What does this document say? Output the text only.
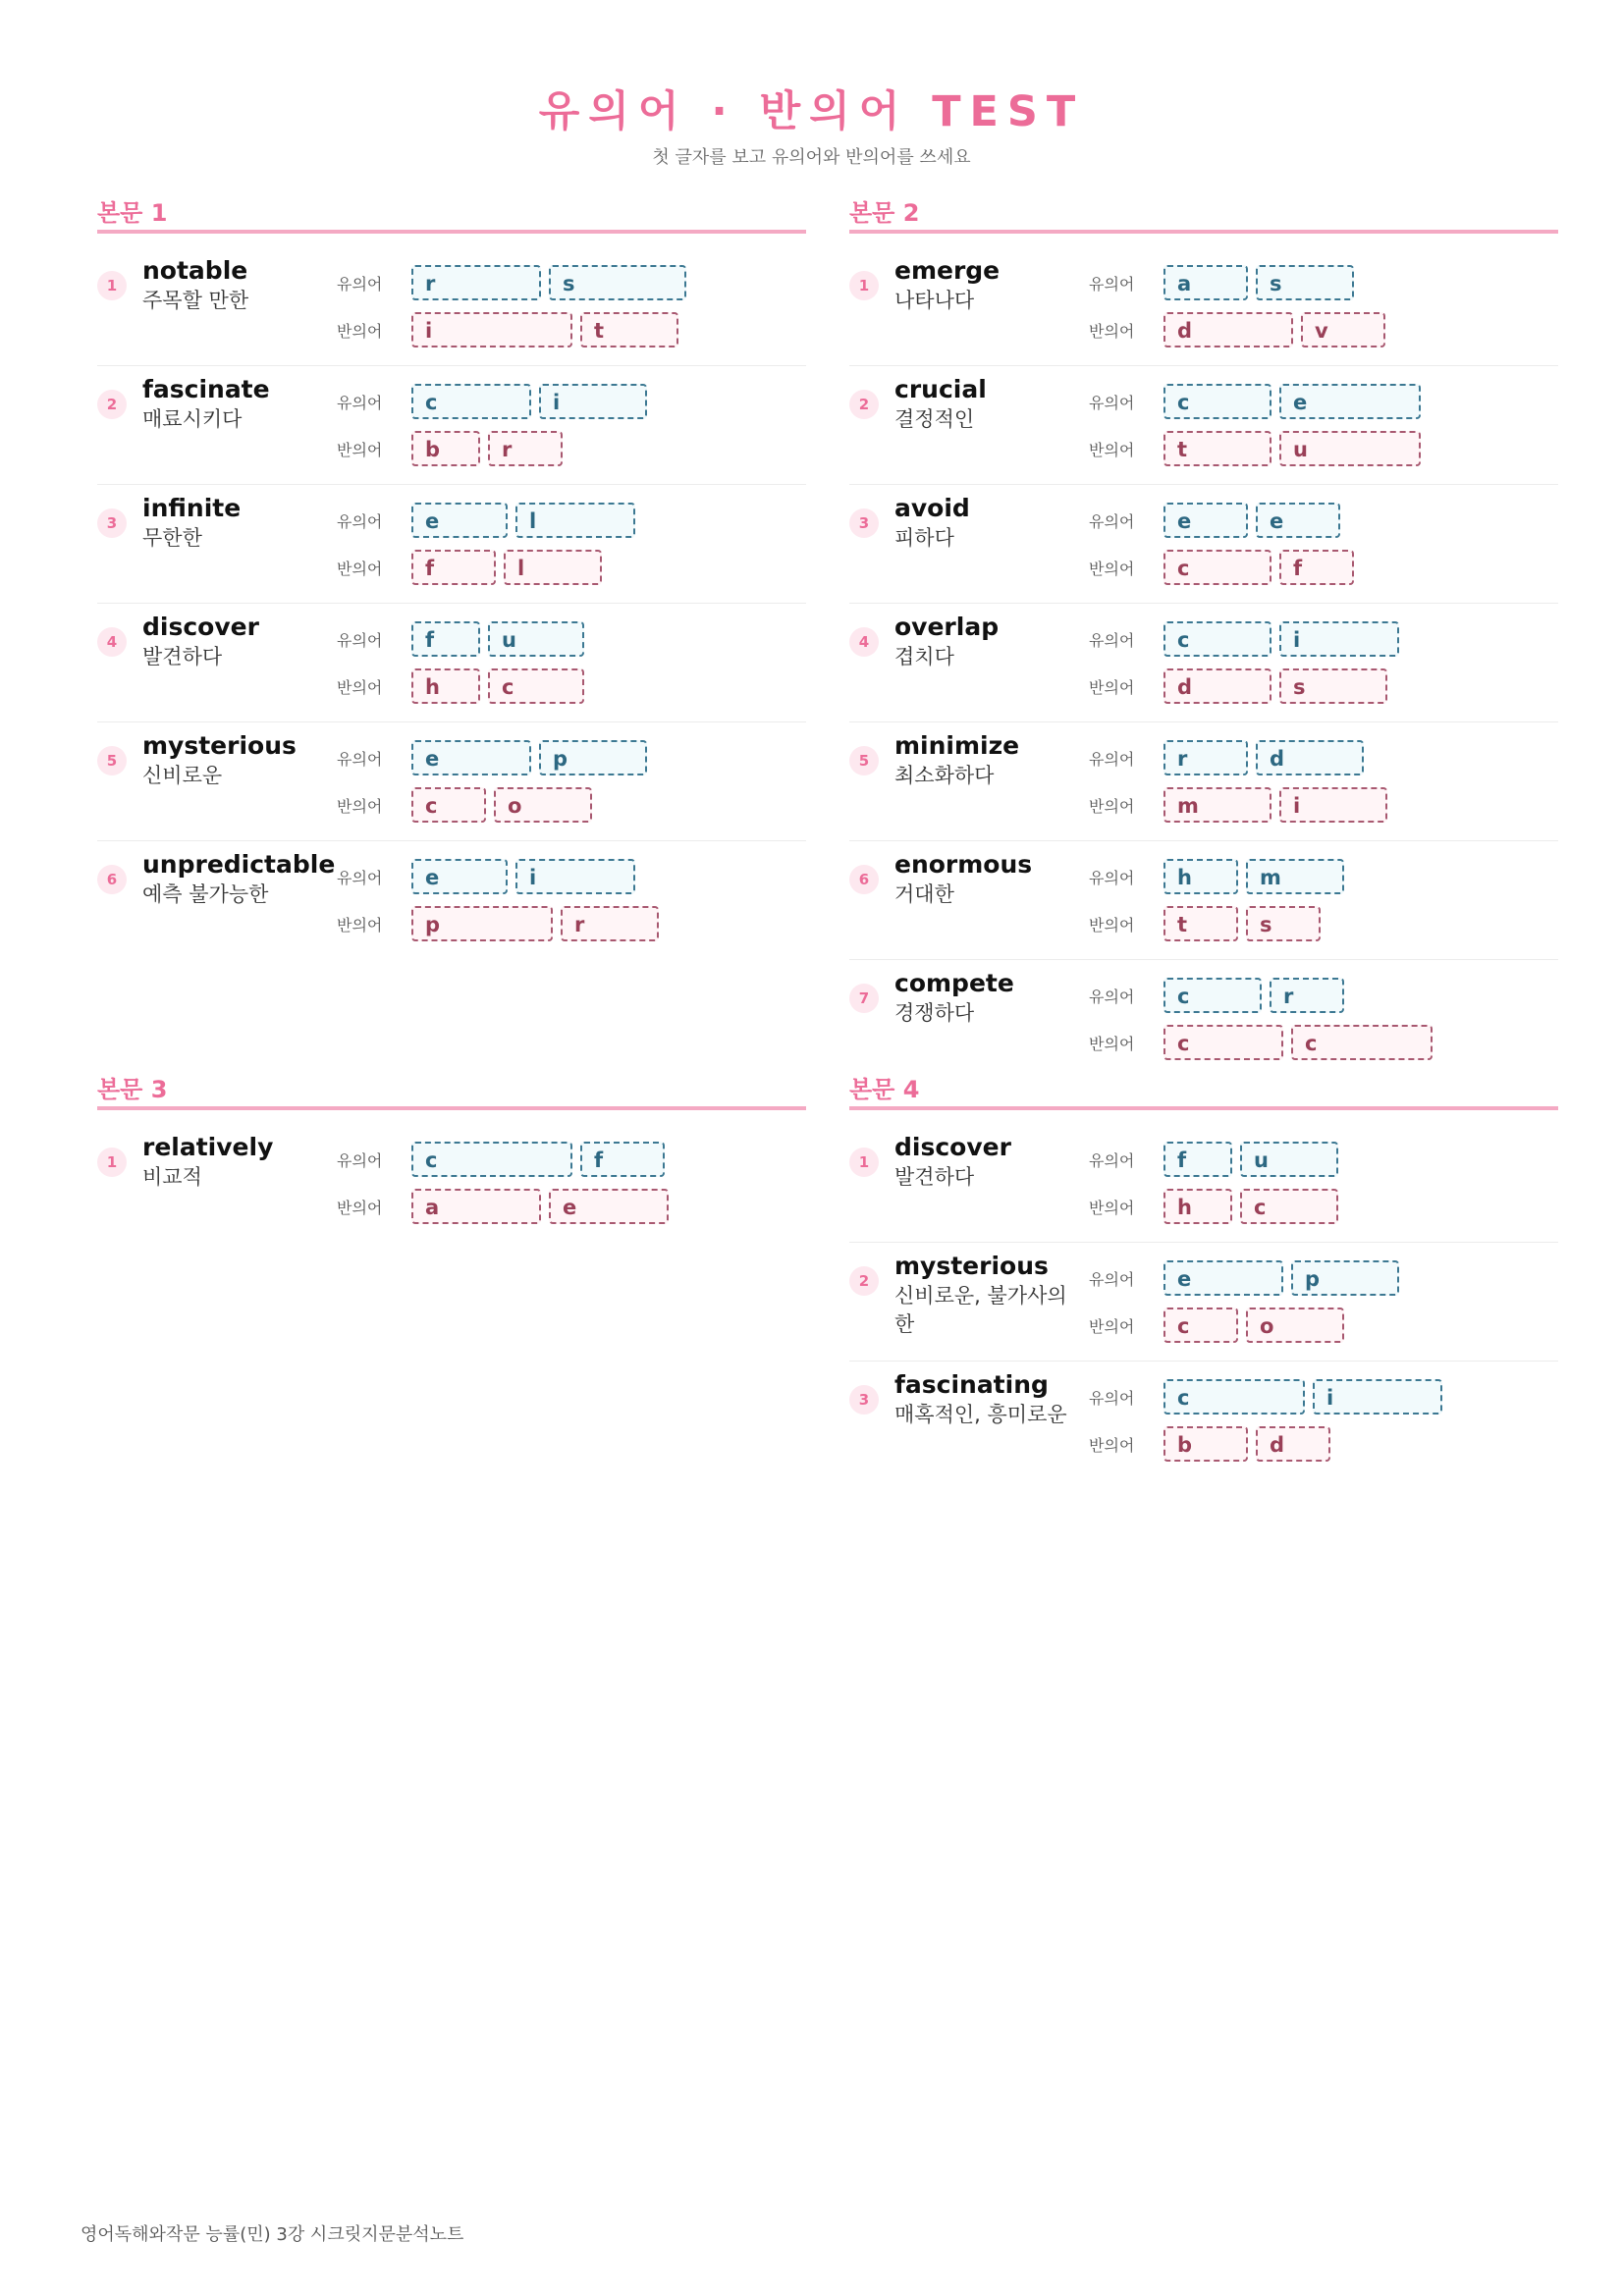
유의어 · 반의어 TEST
첫 글자를 보고 유의어와 반의어를 쓰세요
본문 1
1
notable
주목할 만한
유의어	r	s
반의어	i	t
2
fascinate
매료시키다
유의어	c	i
반의어	b	r
3
infinite
무한한
유의어	e	l
반의어	f	l
4
discover
발견하다
유의어	f	u
반의어	h	c
5
mysterious
신비로운
유의어	e	p
반의어	c	o
6
unpredictable
예측 불가능한
유의어	e	i
반의어	p	r
본문 2
1
emerge
나타나다
유의어	a	s
반의어	d	v
2
crucial
결정적인
유의어	c	e
반의어	t	u
3
avoid
피하다
유의어	e	e
반의어	c	f
4
overlap
겹치다
유의어	c	i
반의어	d	s
5
minimize
최소화하다
유의어	r	d
반의어	m	i
6
enormous
거대한
유의어	h	m
반의어	t	s
7
compete
경쟁하다
유의어	c	r
반의어	c	c
본문 3
1
relatively
비교적
유의어	c	f
반의어	a	e
본문 4
1
discover
발견하다
유의어	f	u
반의어	h	c
2
mysterious
신비로운, 불가사의한
유의어	e	p
반의어	c	o
3
fascinating
매혹적인, 흥미로운
유의어	c	i
반의어	b	d
영어독해와작문 능률(민) 3강 시크릿지문분석노트
